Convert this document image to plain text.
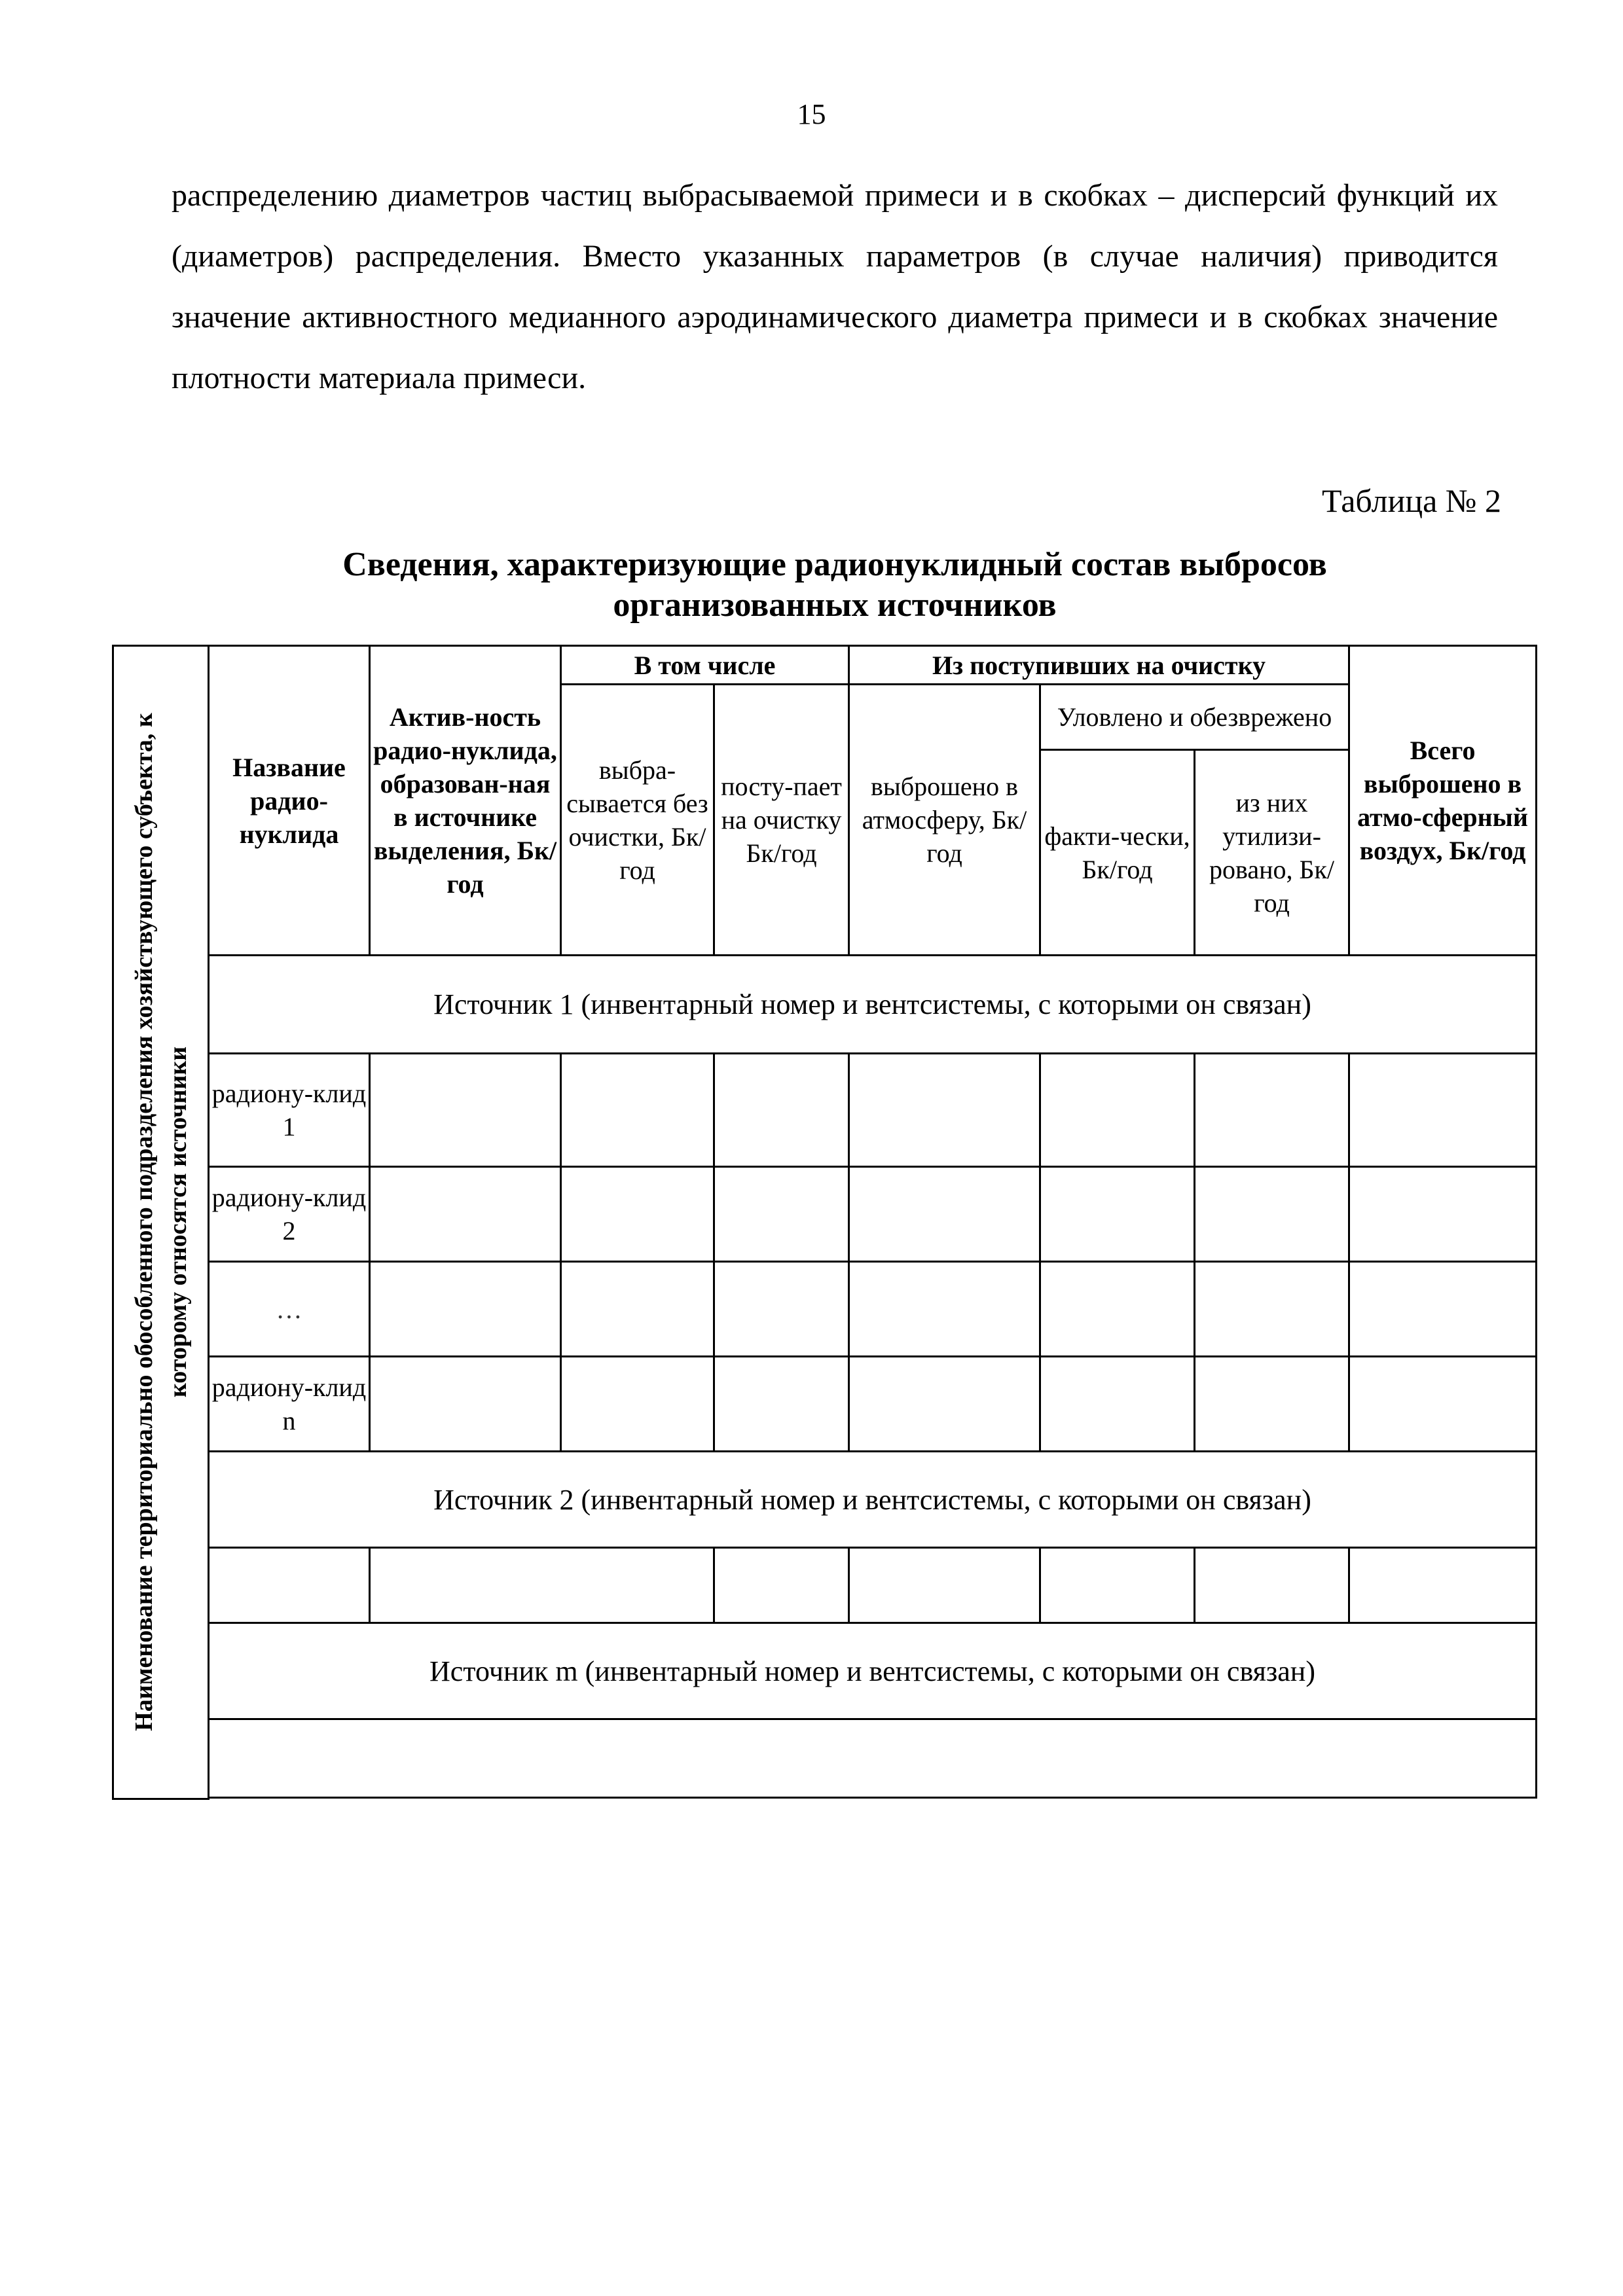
15

распределению диаметров частиц выбрасываемой примеси и в скобках – дисперсий функций их (диаметров) распределения. Вместо указанных параметров (в случае наличия) приводится значение активностного медианного аэродинамического диаметра примеси и в скобках значение плотности материала примеси.

Таблица № 2
Сведения, характеризующие радионуклидный состав выбросов
организованных источников
Наименование территориально обособленного подразделения хозяйствующего субъекта, к которому относятся источники	Название радио-нуклида	Актив-ность радио-нуклида, образован-ная в источнике выделения, Бк/год	В том числе		Из поступивших на очистку			Всего выброшено в атмо-сферный воздух, Бк/год
			выбра-сывается без очистки, Бк/год	посту-пает на очистку Бк/год	выброшено в атмосферу, Бк/год	Уловлено и обезврежено		
						факти-чески, Бк/год	из них утилизи-ровано, Бк/год	
	Источник 1 (инвентарный номер и вентсистемы, с которыми он связан)							
	радиону-клид 1							
	радиону-клид 2							
	…							
	радиону-клид n							
	Источник 2 (инвентарный номер и вентсистемы, с которыми он связан)							

	Источник m (инвентарный номер и вентсистемы, с которыми он связан)							
